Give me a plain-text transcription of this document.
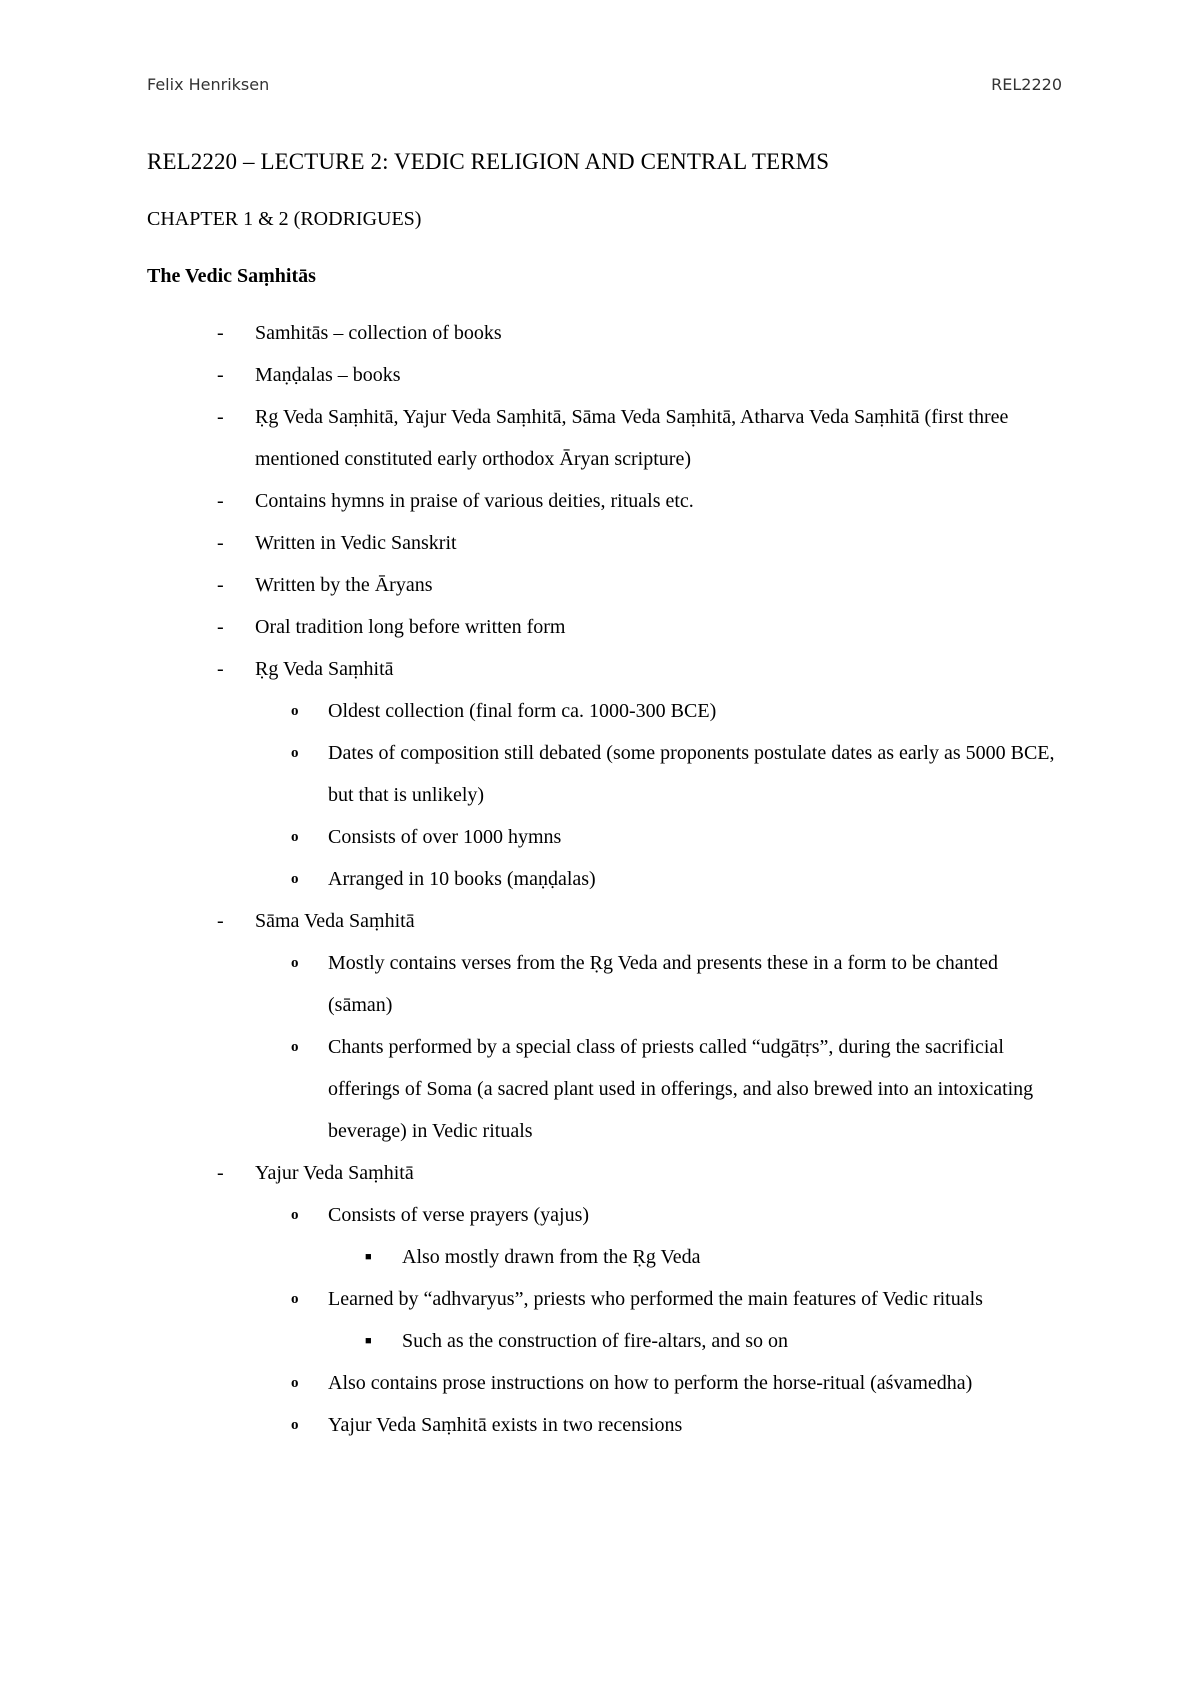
Felix Henriksen	REL2220
REL2220 – LECTURE 2: VEDIC RELIGION AND CENTRAL TERMS
CHAPTER 1 & 2 (RODRIGUES)
The Vedic Saṃhitās
- Samhitās – collection of books
- Maṇḍalas – books
- Ṛg Veda Saṃhitā, Yajur Veda Saṃhitā, Sāma Veda Saṃhitā, Atharva Veda Saṃhitā (first three mentioned constituted early orthodox Āryan scripture)
- Contains hymns in praise of various deities, rituals etc.
- Written in Vedic Sanskrit
- Written by the Āryans
- Oral tradition long before written form
- Ṛg Veda Saṃhitā
o Oldest collection (final form ca. 1000-300 BCE)
o Dates of composition still debated (some proponents postulate dates as early as 5000 BCE, but that is unlikely)
o Consists of over 1000 hymns
o Arranged in 10 books (maṇḍalas)
- Sāma Veda Saṃhitā
o Mostly contains verses from the Ṛg Veda and presents these in a form to be chanted (sāman)
o Chants performed by a special class of priests called “udgātṛs”, during the sacrificial offerings of Soma (a sacred plant used in offerings, and also brewed into an intoxicating beverage) in Vedic rituals
- Yajur Veda Saṃhitā
o Consists of verse prayers (yajus)
■ Also mostly drawn from the Ṛg Veda
o Learned by “adhvaryus”, priests who performed the main features of Vedic rituals
■ Such as the construction of fire-altars, and so on
o Also contains prose instructions on how to perform the horse-ritual (aśvamedha)
o Yajur Veda Saṃhitā exists in two recensions
